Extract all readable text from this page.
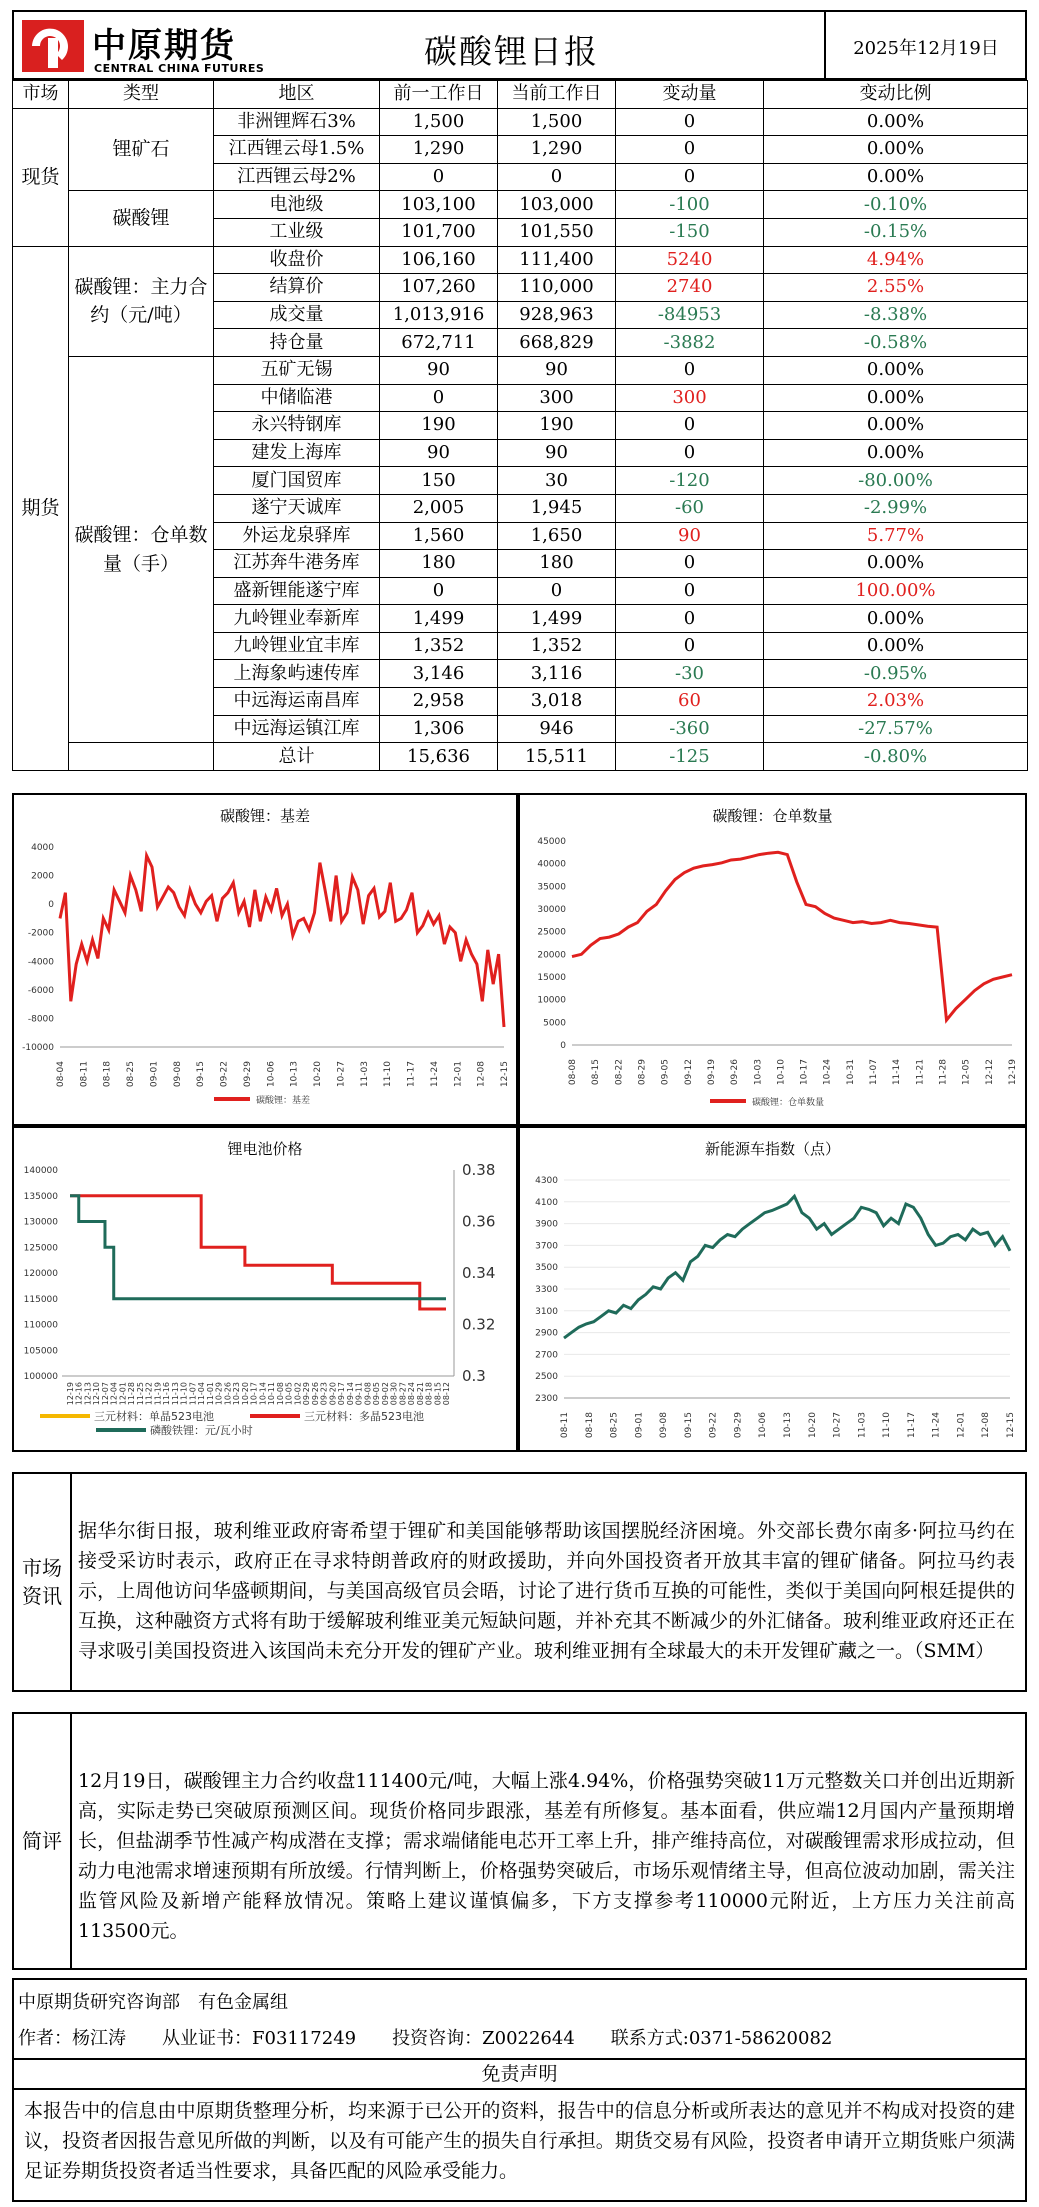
中原期货
CENTRAL CHINA FUTURES	碳酸锂日报	2025年12月19日
市场	类型	地区	前一工作日	当前工作日	变动量	变动比例
现货	锂矿石	非洲锂辉石3%	1,500	1,500	0	0.00%
		江西锂云母1.5%	1,290	1,290	0	0.00%
		江西锂云母2%	0	0	0	0.00%
	碳酸锂	电池级	103,100	103,000	-100	-0.10%
		工业级	101,700	101,550	-150	-0.15%
期货	碳酸锂：主力合约（元/吨）	收盘价	106,160	111,400	5240	4.94%
		结算价	107,260	110,000	2740	2.55%
		成交量	1,013,916	928,963	-84953	-8.38%
		持仓量	672,711	668,829	-3882	-0.58%
	碳酸锂：仓单数量（手）	五矿无锡	90	90	0	0.00%
		中储临港	0	300	300	0.00%
		永兴特钢库	190	190	0	0.00%
		建发上海库	90	90	0	0.00%
		厦门国贸库	150	30	-120	-80.00%
		遂宁天诚库	2,005	1,945	-60	-2.99%
		外运龙泉驿库	1,560	1,650	90	5.77%
		江苏奔牛港务库	180	180	0	0.00%
		盛新锂能遂宁库	0	0	0	100.00%
		九岭锂业奉新库	1,499	1,499	0	0.00%
		九岭锂业宜丰库	1,352	1,352	0	0.00%
		上海象屿速传库	3,146	3,116	-30	-0.95%
		中远海运南昌库	2,958	3,018	60	2.03%
		中远海运镇江库	1,306	946	-360	-27.57%
		总计	15,636	15,511	-125	-0.80%
碳酸锂：基差
4000
2000
0
-2000
-4000
-6000
-8000
-10000
08-04 08-11 08-18 08-25 09-01 09-08 09-15 09-22 09-29 10-06 10-13 10-20 10-27 11-03 11-10 11-17 11-24 12-01 12-08 12-15
碳酸锂：基差
碳酸锂：仓单数量
45000
40000
35000
30000
25000
20000
15000
10000
5000
0
08-08 08-15 08-22 08-29 09-05 09-12 09-19 09-26 10-03 10-10 10-17 10-24 10-31 11-07 11-14 11-21 11-28 12-05 12-12 12-19
碳酸锂：仓单数量
锂电池价格
140000
135000
130000
125000
120000
115000
110000
105000
100000
0.38
0.36
0.34
0.32
0.3
12-19 12-16 12-13 12-10 12-07 12-04 12-01 11-28 11-25 11-22 11-19 11-16 11-13 11-10 11-07 11-04 11-01 10-29 10-26 10-23 10-20 10-17 10-14 10-11 10-08 10-05 10-02 09-29 09-26 09-23 09-20 09-17 09-14 09-11 09-08 09-05 09-02 08-30 08-27 08-24 08-21 08-18 08-15 08-12
三元材料：单晶523电池	三元材料：多晶523电池
磷酸铁锂：元/瓦小时
新能源车指数（点）
4300
4100
3900
3700
3500
3300
3100
2900
2700
2500
2300
08-11 08-18 08-25 09-01 09-08 09-15 09-22 09-29 10-06 10-13 10-20 10-27 11-03 11-10 11-17 11-24 12-01 12-08 12-15
市场资讯
据华尔街日报，玻利维亚政府寄希望于锂矿和美国能够帮助该国摆脱经济困境。外交部长费尔南多·阿拉马约在接受采访时表示，政府正在寻求特朗普政府的财政援助，并向外国投资者开放其丰富的锂矿储备。阿拉马约表示，上周他访问华盛顿期间，与美国高级官员会晤，讨论了进行货币互换的可能性，类似于美国向阿根廷提供的互换，这种融资方式将有助于缓解玻利维亚美元短缺问题，并补充其不断减少的外汇储备。玻利维亚政府还正在寻求吸引美国投资进入该国尚未充分开发的锂矿产业。玻利维亚拥有全球最大的未开发锂矿藏之一。（SMM）
简评
12月19日，碳酸锂主力合约收盘111400元/吨，大幅上涨4.94%，价格强势突破11万元整数关口并创出近期新高，实际走势已突破原预测区间。现货价格同步跟涨，基差有所修复。基本面看，供应端12月国内产量预期增长，但盐湖季节性减产构成潜在支撑；需求端储能电芯开工率上升，排产维持高位，对碳酸锂需求形成拉动，但动力电池需求增速预期有所放缓。行情判断上，价格强势突破后，市场乐观情绪主导，但高位波动加剧，需关注监管风险及新增产能释放情况。策略上建议谨慎偏多，下方支撑参考110000元附近，上方压力关注前高113500元。
中原期货研究咨询部　有色金属组
作者：杨江涛　　从业证书：F03117249　　投资咨询：Z0022644　　联系方式:0371-58620082
免责声明
本报告中的信息由中原期货整理分析，均来源于已公开的资料，报告中的信息分析或所表达的意见并不构成对投资的建议，投资者因报告意见所做的判断，以及有可能产生的损失自行承担。期货交易有风险，投资者申请开立期货账户须满足证券期货投资者适当性要求，具备匹配的风险承受能力。
